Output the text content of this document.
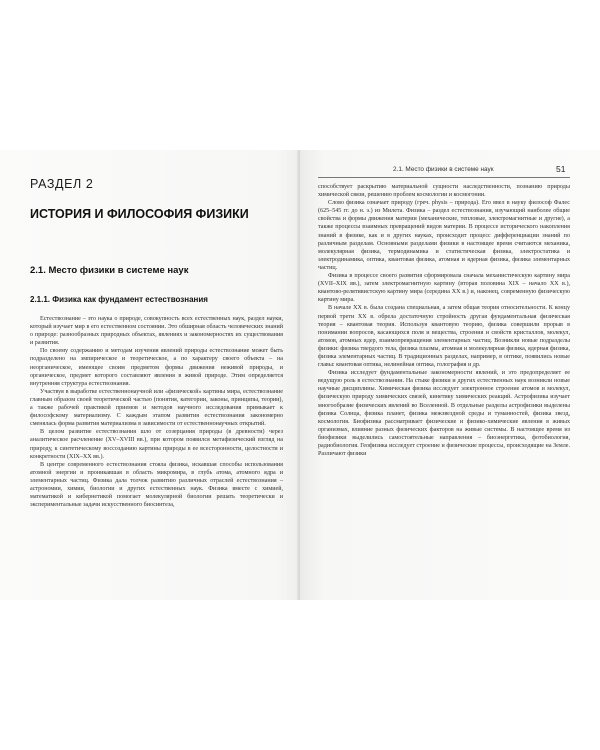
РАЗДЕЛ 2
ИСТОРИЯ И ФИЛОСОФИЯ ФИЗИКИ
2.1. Место физики в системе наук
2.1.1. Физика как фундамент естествознания

Естествознание – это наука о природе, совокупность всех естественных наук, раздел науки, который изучает мир в его естественном состоянии. Это обширная область человеческих знаний о природе: разнообразных природных объектах, явлениях и закономерностях их существования и развития.

По своему содержанию и методам изучения явлений природы естествознание может быть подразделено на эмпирическое и теоретическое, а по характеру своего объекта – на неорганическое, имеющее своим предметом формы движения неживой природы, и органическое, предмет которого составляют явления в живой природе. Этим определяется внутренняя структура естествознания.

Участвуя в выработке естественнонаучной или «физической» картины мира, естествознание главным образом своей теоретической частью (понятия, категории, законы, принципы, теории), а также рабочей практикой приемов и методов научного исследования примыкает к философскому материализму. С каждым этапом развития естествознания закономерно сменялась форма развития материализма в зависимости от естественнонаучных открытий.

В целом развитие естествознания шло от созерцания природы (в древности) через аналитическое расчленение (XV–XVIII вв.), при котором появился метафизический взгляд на природу, к синтетическому воссозданию картины природы в ее всесторонности, целостности и конкретности (XIX–XX вв.).

В центре современного естествознания стояла физика, искавшая способы использования атомной энергии и проникавшая в область микромира, в глубь атома, атомного ядра и элементарных частиц. Физика дала толчок развитию различных отраслей естествознания – астрономии, химии, биологии и других естественных наук. Физика вместе с химией, математикой и кибернетикой помогает молекулярной биологии решать теоретически и экспериментальные задачи искусственного биосинтеза,

2.1. Место физики в системе наук	51

способствует раскрытию материальной сущности наследственности, познанию природы химической связи, решению проблем космологии и космогонии.

Слово физика означает природу (греч. physis – природа). Его ввел в науку философ Фалес (625–545 гг. до н. э.) из Милета. Физика – раздел естествознания, изучающий наиболее общие свойства и формы движения материи (механические, тепловые, электромагнитные и другие), а также процессы взаимных превращений видов материи. В процессе исторического накопления знаний в физике, как и в других науках, происходит процесс дифференциации знаний по различным разделам. Основными разделами физики в настоящее время считаются механика, молекулярная физика, термодинамика и статистическая физика, электростатика и электродинамика, оптика, квантовая физика, атомная и ядерная физика, физика элементарных частиц.

Физика в процессе своего развития сформировала сначала механистическую картину мира (XVII–XIX вв.), затем электромагнитную картину (вторая половина XIX – начало XX в.), квантово-релятивистскую картину мира (середина XX в.) и, наконец, современную физическую картину мира.

В начале XX в. была создана специальная, а затем общая теория относительности. К концу первой трети XX в. обрела достаточную стройность другая фундаментальная физическая теория – квантовая теория. Используя квантовую теорию, физика совершили прорыв в понимании вопросов, касающихся поля и вещества, строения и свойств кристаллов, молекул, атомов, атомных ядер, взаимопревращения элементарных частиц. Возникли новые подразделы физики: физика твердого тела, физика плазмы, атомная и молекулярная физика, ядерная физика, физика элементарных частиц. В традиционных разделах, например, в оптике, появились новые главы: квантовая оптика, нелинейная оптика, голография и др.

Физика исследует фундаментальные закономерности явлений, и это предопределяет ее ведущую роль в естествознании. На стыке физики и других естественных наук возникли новые научные дисциплины. Химическая физика исследует электронное строение атомов и молекул, физическую природу химических связей, кинетику химических реакций. Астрофизика изучает многообразие физических явлений во Вселенной. В отдельные разделы астрофизики выделены физика Солнца, физика планет, физика межзвездной среды и туманностей, физика звезд, космология. Биофизика рассматривает физические и физико-химические явления в живых организмах, влияние разных физических факторов на живые системы. В настоящее время из биофизики выделились самостоятельные направления – биоэнергетика, фотобиология, радиобиология. Геофизика исследует строение и физические процессы, происходящие на Земле. Различают физики
